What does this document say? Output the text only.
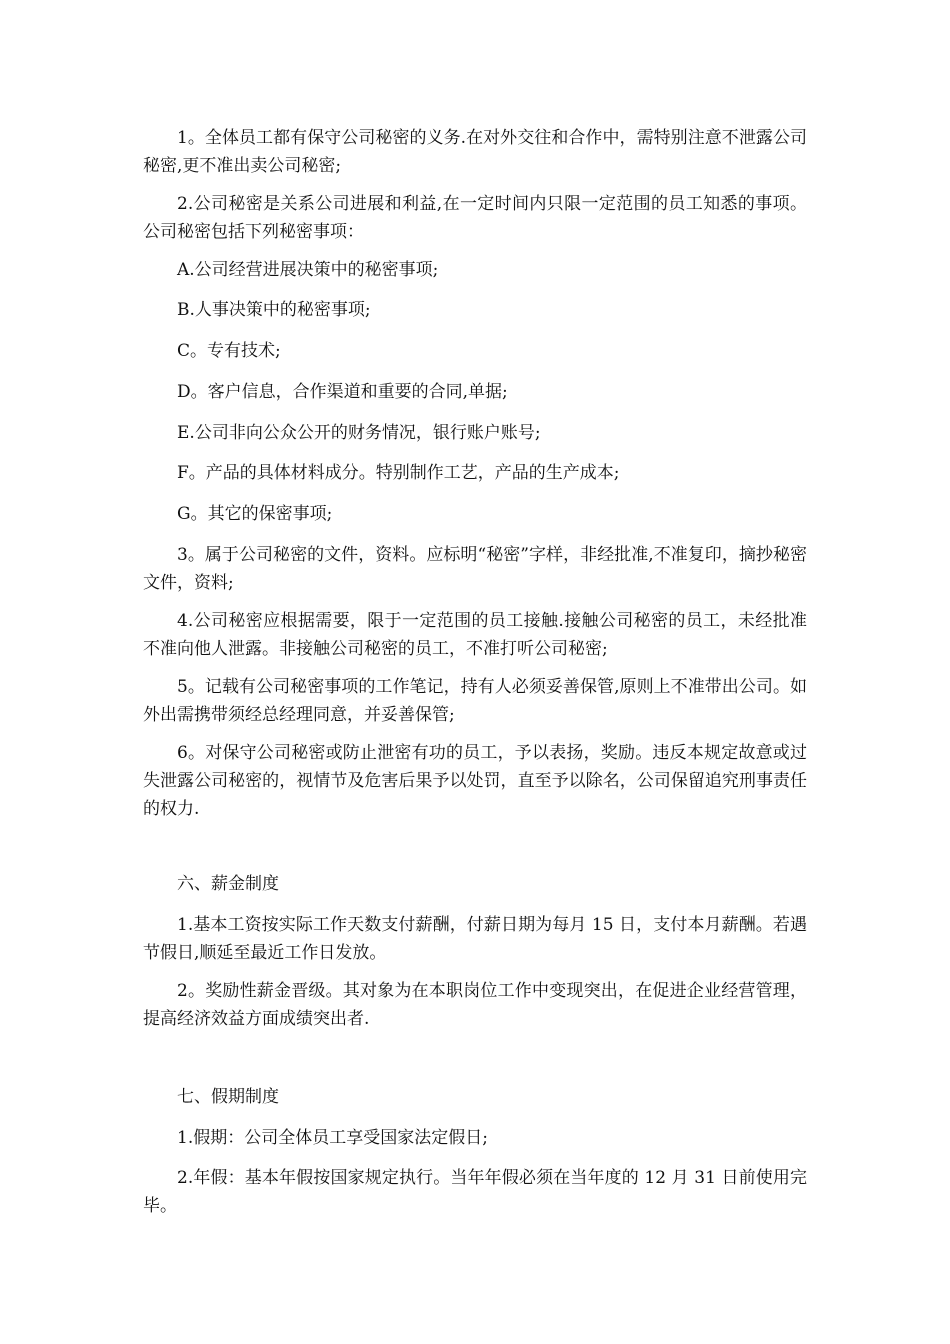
1。全体员工都有保守公司秘密的义务.在对外交往和合作中，需特别注意不泄露公司秘密,更不准出卖公司秘密;

2.公司秘密是关系公司进展和利益,在一定时间内只限一定范围的员工知悉的事项。公司秘密包括下列秘密事项：

A.公司经营进展决策中的秘密事项;

B.人事决策中的秘密事项;

C。专有技术;

D。客户信息，合作渠道和重要的合同,单据;

E.公司非向公众公开的财务情况，银行账户账号;

F。产品的具体材料成分。特别制作工艺，产品的生产成本;

G。其它的保密事项;

3。属于公司秘密的文件，资料。应标明“秘密”字样，非经批准,不准复印，摘抄秘密文件，资料;

4.公司秘密应根据需要，限于一定范围的员工接触.接触公司秘密的员工，未经批准不准向他人泄露。非接触公司秘密的员工，不准打听公司秘密;

5。记载有公司秘密事项的工作笔记，持有人必须妥善保管,原则上不准带出公司。如外出需携带须经总经理同意，并妥善保管;

6。对保守公司秘密或防止泄密有功的员工，予以表扬，奖励。违反本规定故意或过失泄露公司秘密的，视情节及危害后果予以处罚，直至予以除名，公司保留追究刑事责任的权力.

六、薪金制度

1.基本工资按实际工作天数支付薪酬，付薪日期为每月 15 日，支付本月薪酬。若遇节假日,顺延至最近工作日发放。

2。奖励性薪金晋级。其对象为在本职岗位工作中变现突出，在促进企业经营管理，提高经济效益方面成绩突出者.

七、假期制度

1.假期：公司全体员工享受国家法定假日;

2.年假：基本年假按国家规定执行。当年年假必须在当年度的 12 月 31 日前使用完毕。
